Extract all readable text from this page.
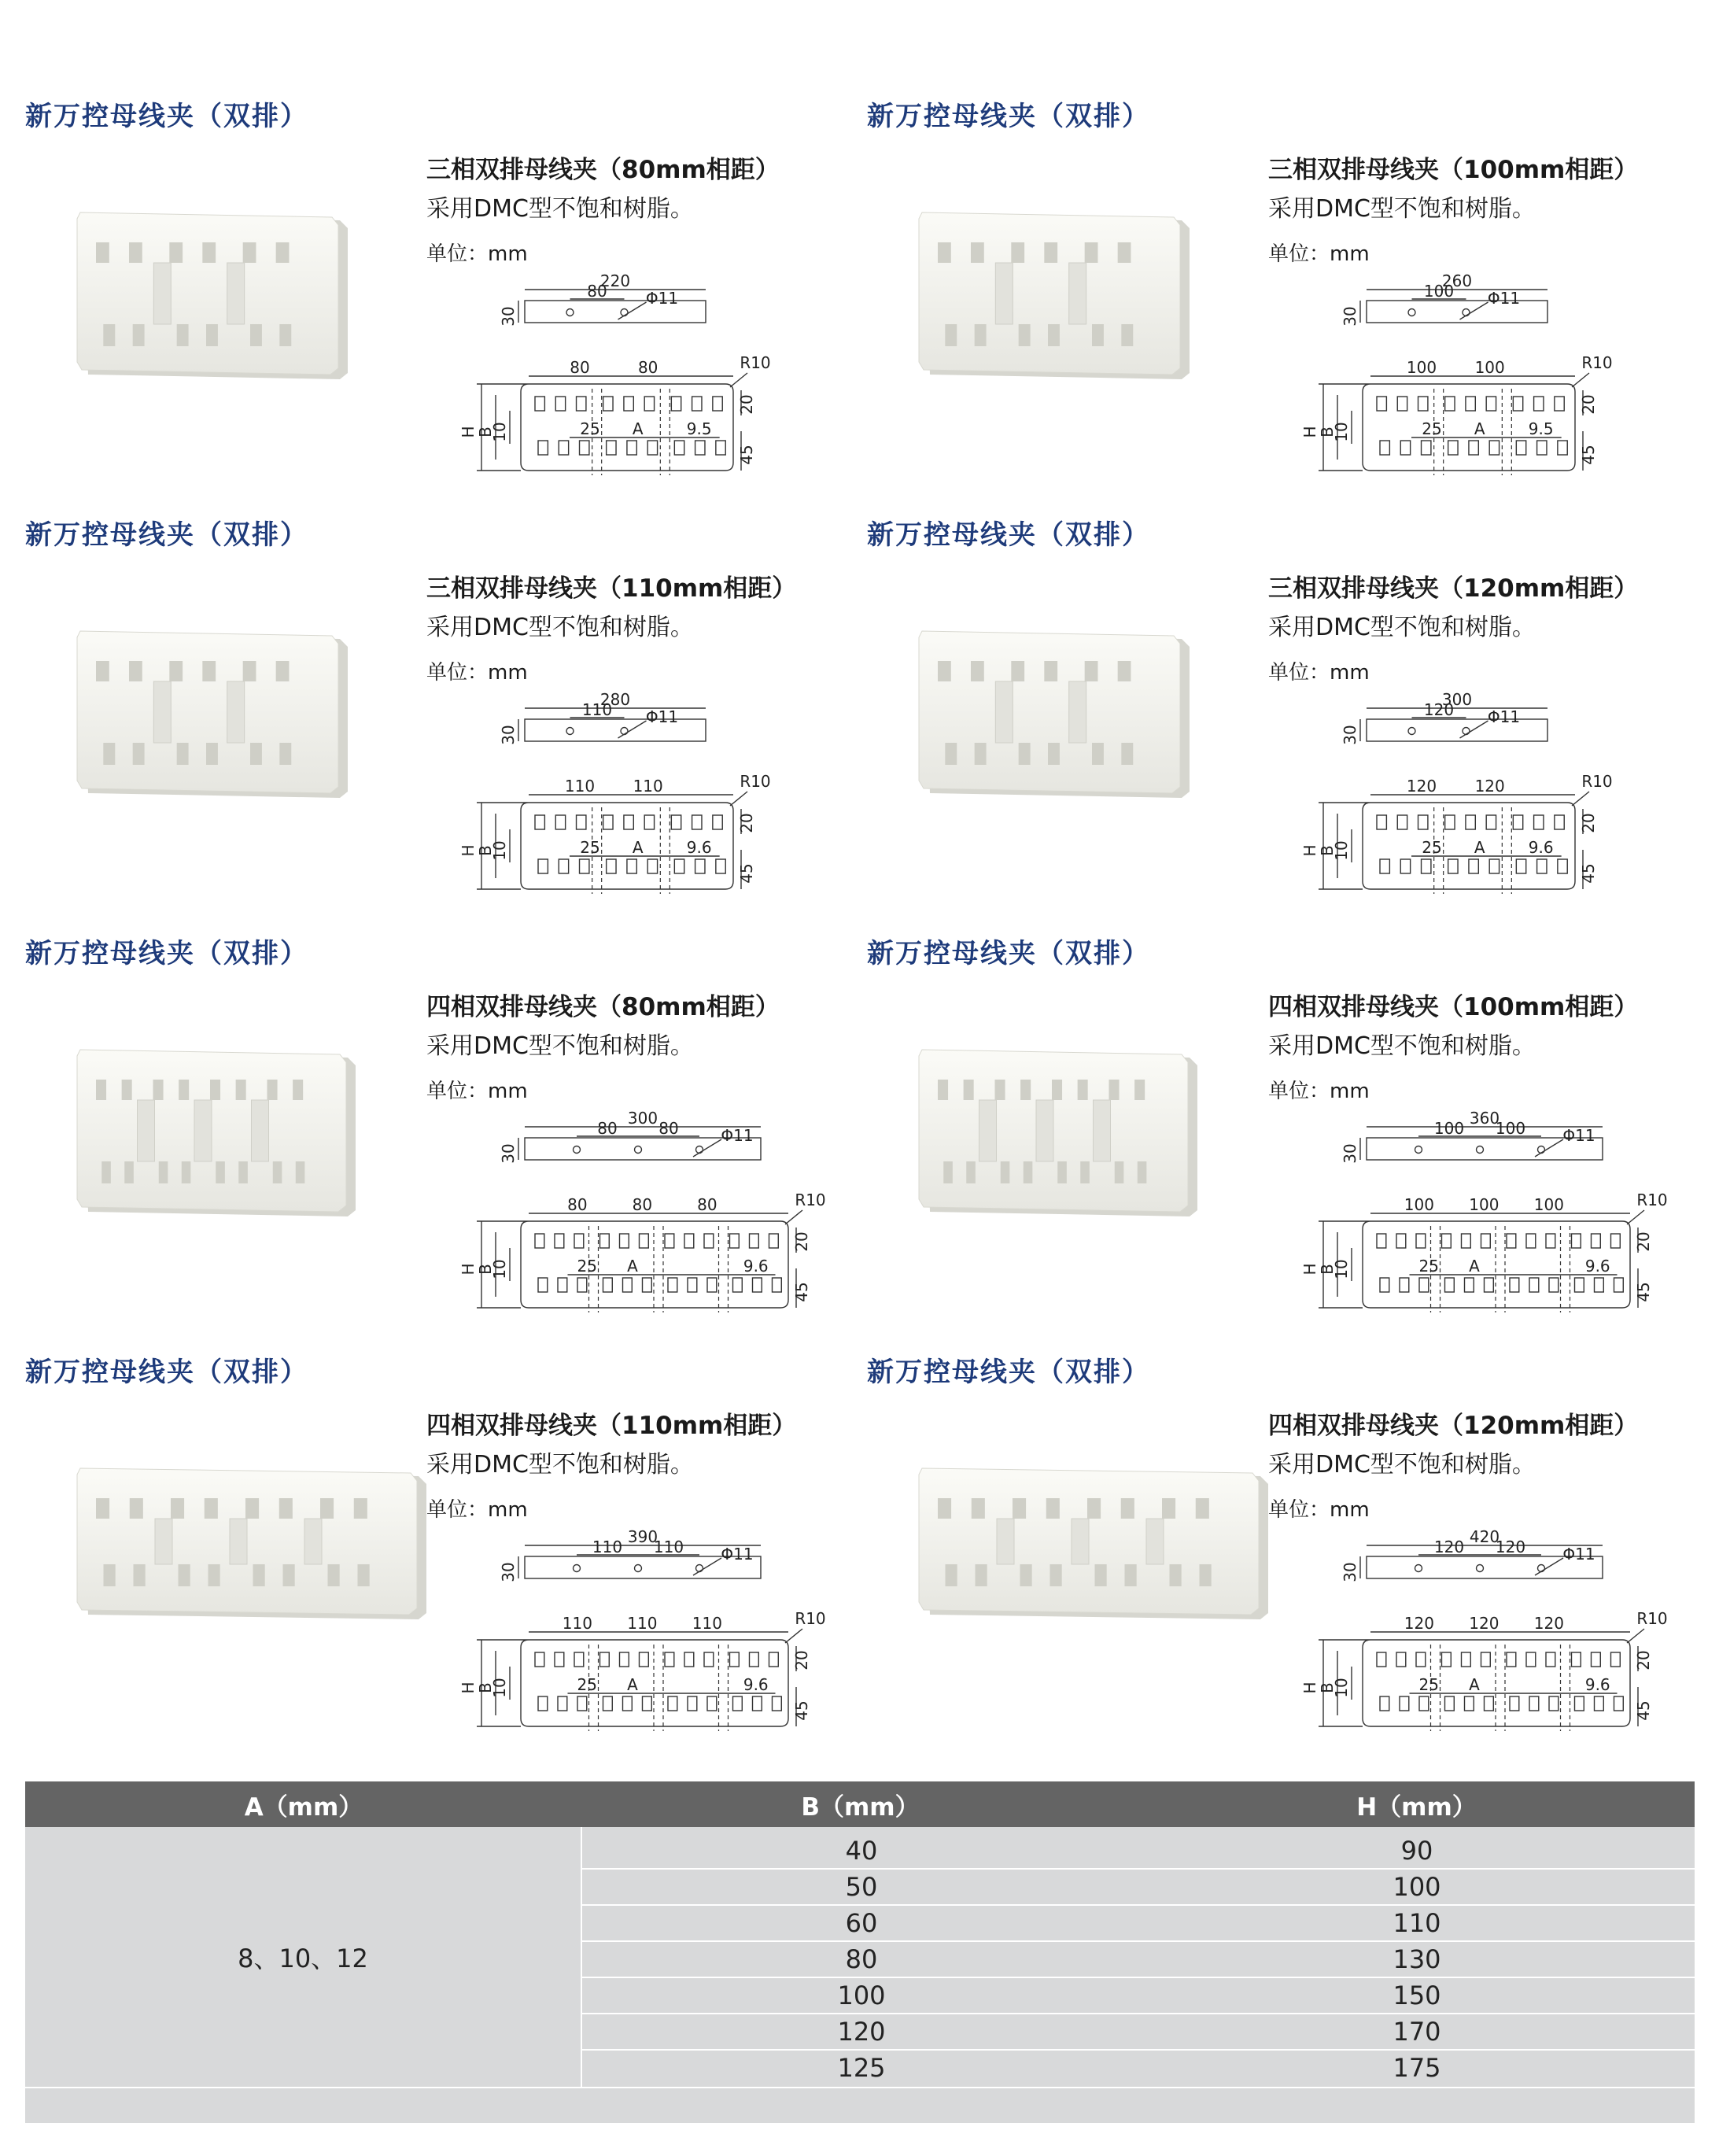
新万控母线夹（双排）
三相双排母线夹（80mm相距）
采用DMC型不饱和树脂。
单位：mm
220
80 Φ11
30
80	80	R10
25 A	9.5
H
B
10
20
45
新万控母线夹（双排）
三相双排母线夹（100mm相距）
采用DMC型不饱和树脂。
单位：mm
260
100 Φ11
30
100 100	R10
25 A	9.5
H
B
10
20
45
新万控母线夹（双排）
三相双排母线夹（110mm相距）
采用DMC型不饱和树脂。
单位：mm
280
110 Φ11
30
110 110	R10
25 A	9.6
H
B
10
20
45
新万控母线夹（双排）
三相双排母线夹（120mm相距）
采用DMC型不饱和树脂。
单位：mm
300
120 Φ11
30
120 120	R10
25 A	9.6
H
B
10
20
45
新万控母线夹（双排）
四相双排母线夹（80mm相距）
采用DMC型不饱和树脂。
单位：mm
300
80	80	Φ11
30
80	80	80	R10
25 A	9.6
H
B
10
20
45
新万控母线夹（双排）
四相双排母线夹（100mm相距）
采用DMC型不饱和树脂。
单位：mm
360
100 100 Φ11
30
100 100 100	R10
25 A	9.6
H
B
10
20
45
新万控母线夹（双排）
四相双排母线夹（110mm相距）
采用DMC型不饱和树脂。
单位：mm
390
110 110 Φ11
30
110 110 110	R10
25 A	9.6
H
B
10
20
45
新万控母线夹（双排）
四相双排母线夹（120mm相距）
采用DMC型不饱和树脂。
单位：mm
420
120 120 Φ11
30
120 120 120	R10
25 A	9.6
H
B
10
20
45
A（mm）	B（mm）	H（mm）
8、10、12
40	90
50	100
60	110
80	130
100	150
120	170
125	175
